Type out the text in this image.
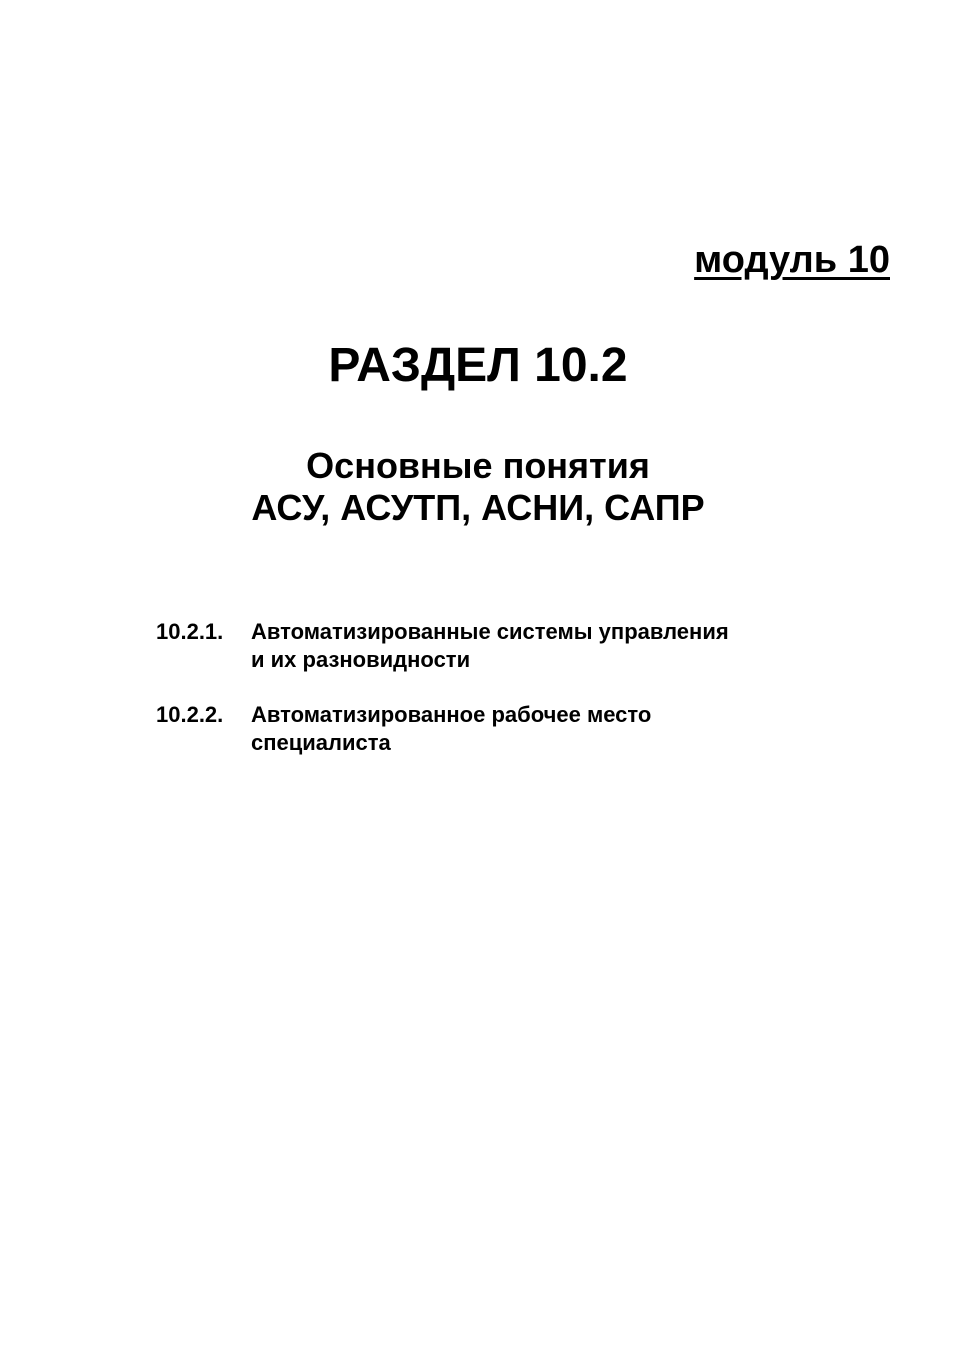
модуль 10
РАЗДЕЛ 10.2
Основные понятия
АСУ, АСУТП, АСНИ, САПР
10.2.1.	Автоматизированные системы управления
и их разновидности
10.2.2.	Автоматизированное рабочее место
специалиста
